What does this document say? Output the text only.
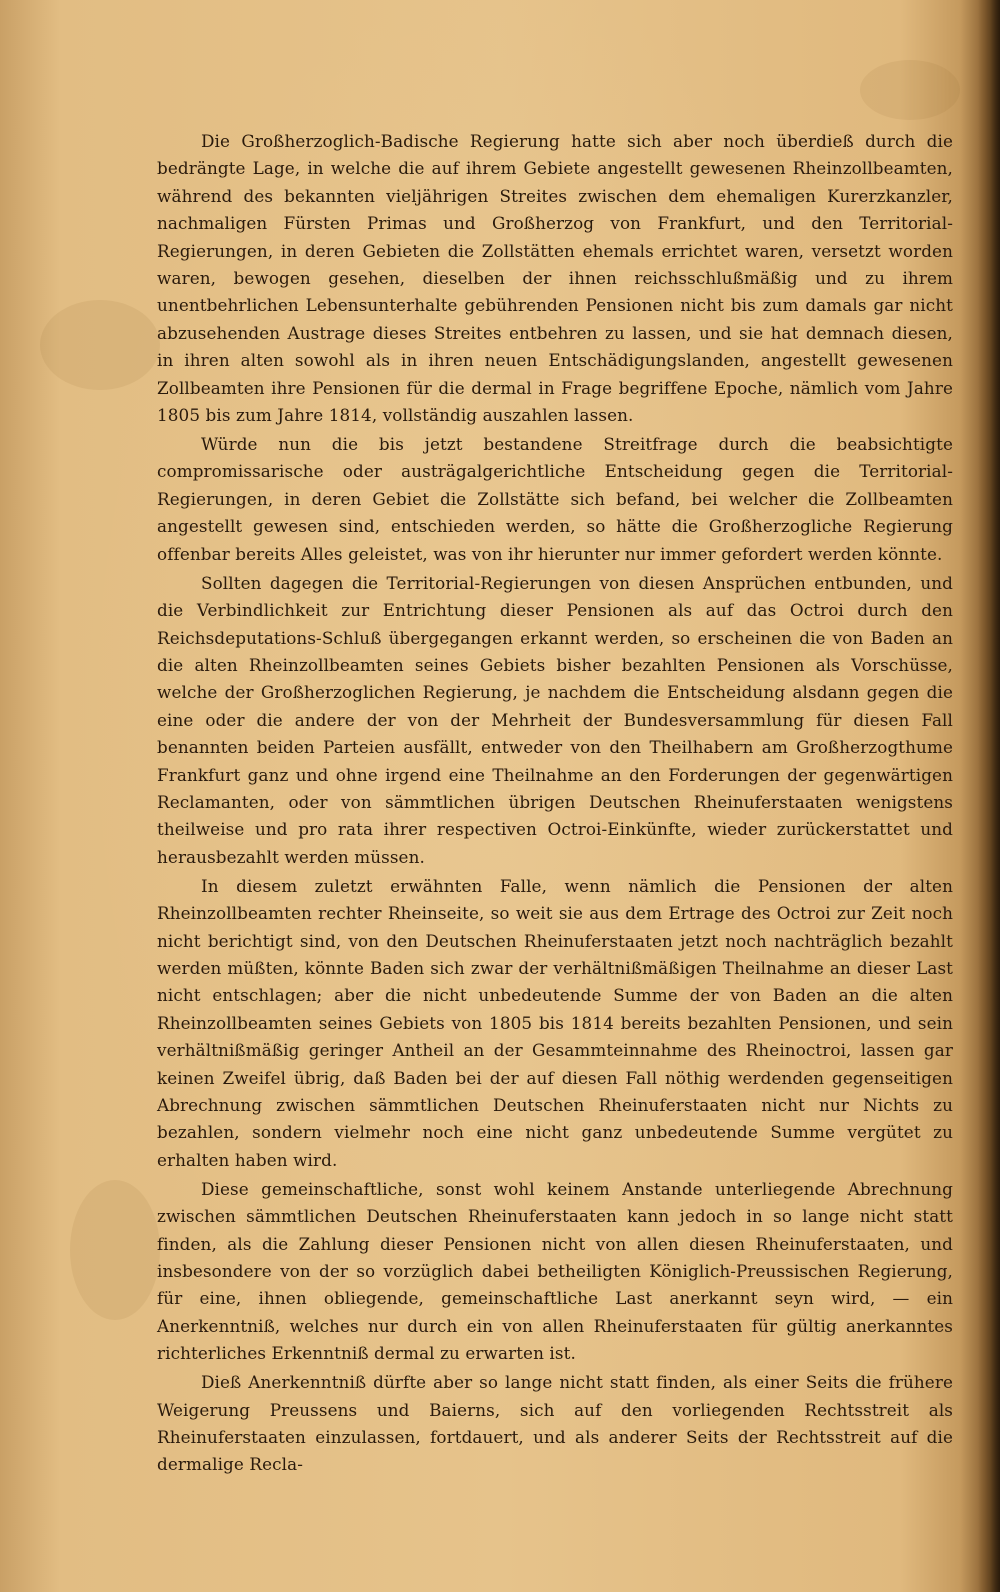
Die Großherzoglich-Badische Regierung hatte sich aber noch überdieß durch die bedrängte Lage, in welche die auf ihrem Gebiete angestellt gewesenen Rheinzollbeamten, während des bekannten vieljährigen Streites zwischen dem ehemaligen Kurerzkanzler, nachmaligen Fürsten Primas und Großherzog von Frankfurt, und den Territorial-Regierungen, in deren Gebieten die Zollstätten ehemals errichtet waren, versetzt worden waren, bewogen gesehen, dieselben der ihnen reichsschlußmäßig und zu ihrem unentbehrlichen Lebensunterhalte gebührenden Pensionen nicht bis zum damals gar nicht abzusehenden Austrage dieses Streites entbehren zu lassen, und sie hat demnach diesen, in ihren alten sowohl als in ihren neuen Entschädigungslanden, angestellt gewesenen Zollbeamten ihre Pensionen für die dermal in Frage begriffene Epoche, nämlich vom Jahre 1805 bis zum Jahre 1814, vollständig auszahlen lassen.

Würde nun die bis jetzt bestandene Streitfrage durch die beabsichtigte compromissarische oder austrägalgerichtliche Entscheidung gegen die Territorial-Regierungen, in deren Gebiet die Zollstätte sich befand, bei welcher die Zollbeamten angestellt gewesen sind, entschieden werden, so hätte die Großherzogliche Regierung offenbar bereits Alles geleistet, was von ihr hierunter nur immer gefordert werden könnte.

Sollten dagegen die Territorial-Regierungen von diesen Ansprüchen entbunden, und die Verbindlichkeit zur Entrichtung dieser Pensionen als auf das Octroi durch den Reichsdeputations-Schluß übergegangen erkannt werden, so erscheinen die von Baden an die alten Rheinzollbeamten seines Gebiets bisher bezahlten Pensionen als Vorschüsse, welche der Großherzoglichen Regierung, je nachdem die Entscheidung alsdann gegen die eine oder die andere der von der Mehrheit der Bundesversammlung für diesen Fall benannten beiden Parteien ausfällt, entweder von den Theilhabern am Großherzogthume Frankfurt ganz und ohne irgend eine Theilnahme an den Forderungen der gegenwärtigen Reclamanten, oder von sämmtlichen übrigen Deutschen Rheinuferstaaten wenigstens theilweise und pro rata ihrer respectiven Octroi-Einkünfte, wieder zurückerstattet und herausbezahlt werden müssen.

In diesem zuletzt erwähnten Falle, wenn nämlich die Pensionen der alten Rheinzollbeamten rechter Rheinseite, so weit sie aus dem Ertrage des Octroi zur Zeit noch nicht berichtigt sind, von den Deutschen Rheinuferstaaten jetzt noch nachträglich bezahlt werden müßten, könnte Baden sich zwar der verhältnißmäßigen Theilnahme an dieser Last nicht entschlagen; aber die nicht unbedeutende Summe der von Baden an die alten Rheinzollbeamten seines Gebiets von 1805 bis 1814 bereits bezahlten Pensionen, und sein verhältnißmäßig geringer Antheil an der Gesammteinnahme des Rheinoctroi, lassen gar keinen Zweifel übrig, daß Baden bei der auf diesen Fall nöthig werdenden gegenseitigen Abrechnung zwischen sämmtlichen Deutschen Rheinuferstaaten nicht nur Nichts zu bezahlen, sondern vielmehr noch eine nicht ganz unbedeutende Summe vergütet zu erhalten haben wird.

Diese gemeinschaftliche, sonst wohl keinem Anstande unterliegende Abrechnung zwischen sämmtlichen Deutschen Rheinuferstaaten kann jedoch in so lange nicht statt finden, als die Zahlung dieser Pensionen nicht von allen diesen Rheinuferstaaten, und insbesondere von der so vorzüglich dabei betheiligten Königlich-Preussischen Regierung, für eine, ihnen obliegende, gemeinschaftliche Last anerkannt seyn wird, — ein Anerkenntniß, welches nur durch ein von allen Rheinuferstaaten für gültig anerkanntes richterliches Erkenntniß dermal zu erwarten ist.

Dieß Anerkenntniß dürfte aber so lange nicht statt finden, als einer Seits die frühere Weigerung Preussens und Baierns, sich auf den vorliegenden Rechtsstreit als Rheinuferstaaten einzulassen, fortdauert, und als anderer Seits der Rechtsstreit auf die dermalige Recla-
